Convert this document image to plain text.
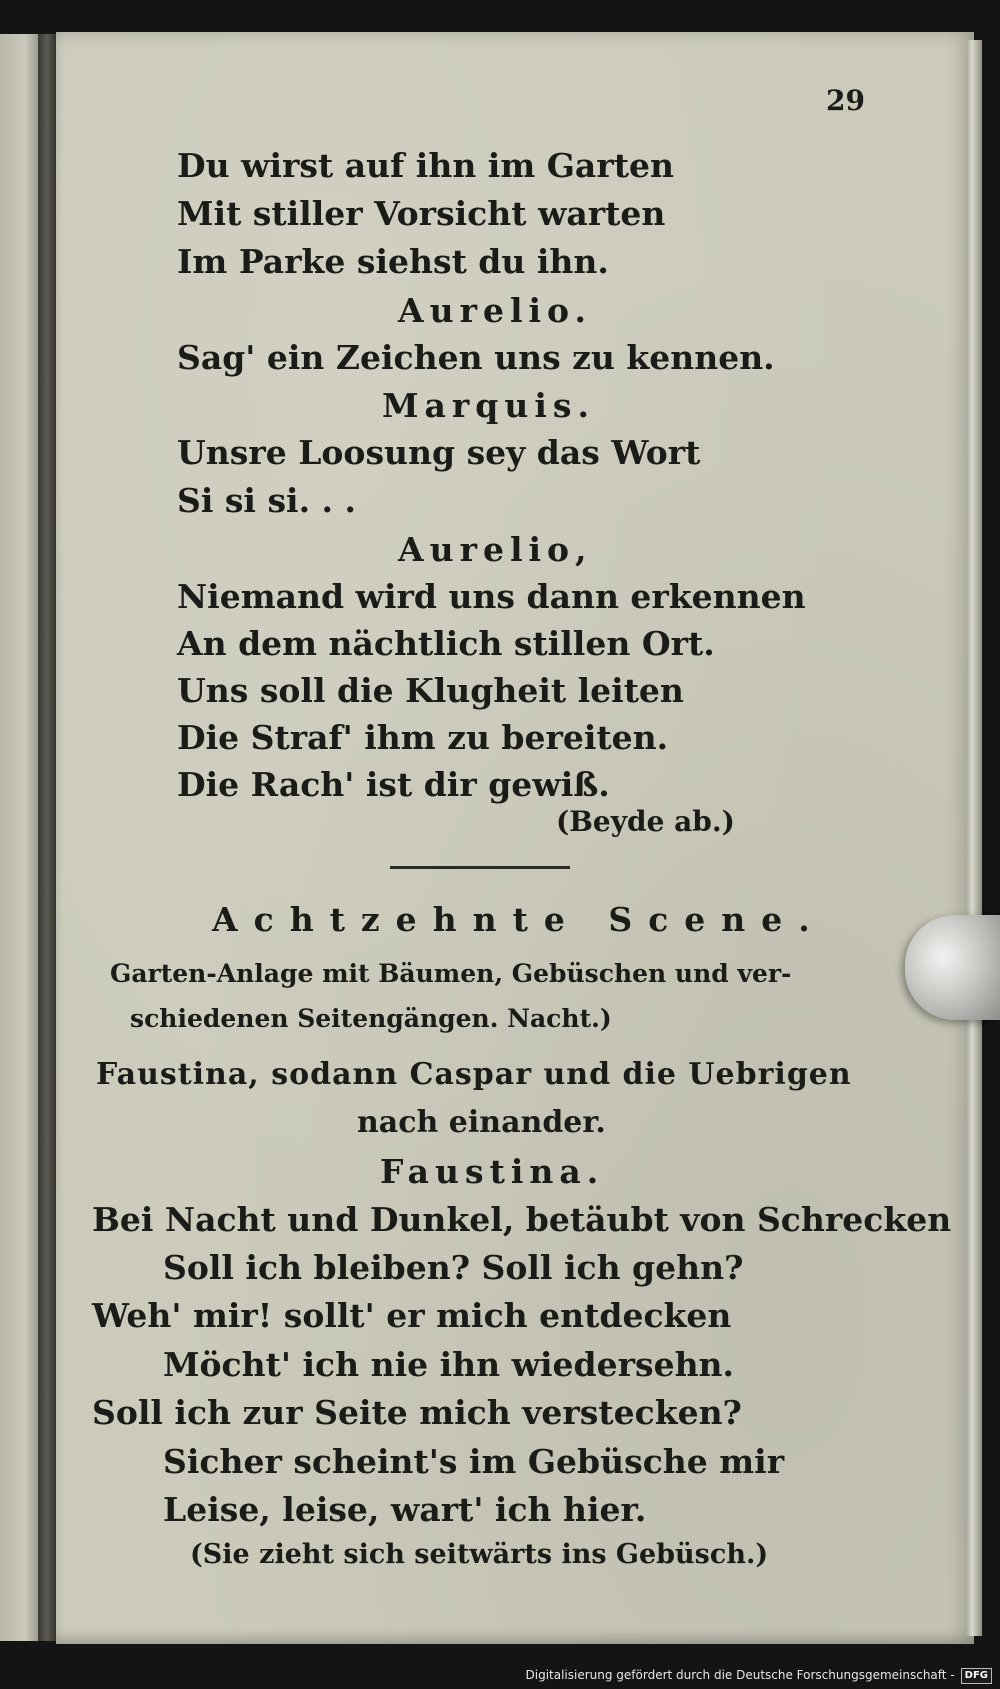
29
Du wirst auf ihn im Garten
Mit stiller Vorsicht warten
Im Parke siehst du ihn.
Aurelio.
Sag' ein Zeichen uns zu kennen.
Marquis.
Unsre Loosung sey das Wort
Si si si. . .
Aurelio,
Niemand wird uns dann erkennen
An dem nächtlich stillen Ort.
Uns soll die Klugheit leiten
Die Straf' ihm zu bereiten.
Die Rach' ist dir gewiß.
(Beyde ab.)
Achtzehnte Scene.
Garten-Anlage mit Bäumen, Gebüschen und ver-
schiedenen Seitengängen. Nacht.)
Faustina, sodann Caspar und die Uebrigen
nach einander.
Faustina.
Bei Nacht und Dunkel, betäubt von Schrecken
Soll ich bleiben? Soll ich gehn?
Weh' mir! sollt' er mich entdecken
Möcht' ich nie ihn wiedersehn.
Soll ich zur Seite mich verstecken?
Sicher scheint's im Gebüsche mir
Leise, leise, wart' ich hier.
(Sie zieht sich seitwärts ins Gebüsch.)
Digitalisierung gefördert durch die Deutsche Forschungsgemeinschaft - DFG
